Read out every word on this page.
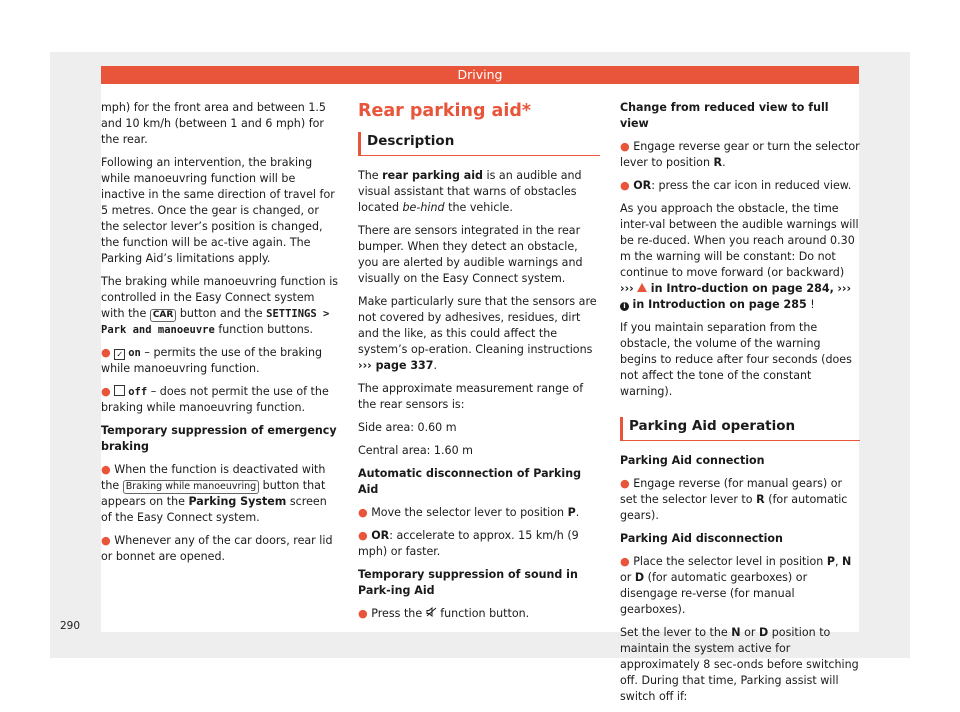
Driving
290

mph) for the front area and between 1.5 and 10 km/h (between 1 and 6 mph) for the rear.

Following an intervention, the braking while manoeuvring function will be inactive in the same direction of travel for 5 metres. Once the gear is changed, or the selector lever’s position is changed, the function will be ac-tive again. The Parking Aid’s limitations apply.

The braking while manoeuvring function is controlled in the Easy Connect system with the CAR button and the SETTINGS > Park and manoeuvre function buttons.

● ✓ on – permits the use of the braking while manoeuvring function.

● off – does not permit the use of the braking while manoeuvring function.

Temporary suppression of emergency braking

● When the function is deactivated with the Braking while manoeuvring button that appears on the Parking System screen of the Easy Connect system.

● Whenever any of the car doors, rear lid or bonnet are opened.

Rear parking aid*
Description

The rear parking aid is an audible and visual assistant that warns of obstacles located be-hind the vehicle.

There are sensors integrated in the rear bumper. When they detect an obstacle, you are alerted by audible warnings and visually on the Easy Connect system.

Make particularly sure that the sensors are not covered by adhesives, residues, dirt and the like, as this could affect the system’s op-eration. Cleaning instructions ››› page 337.

The approximate measurement range of the rear sensors is:

Side area: 0.60 m

Central area: 1.60 m

Automatic disconnection of Parking Aid

● Move the selector lever to position P.

● OR: accelerate to approx. 15 km/h (9 mph) or faster.

Temporary suppression of sound in Park-ing Aid

● Press the function button.

Change from reduced view to full view

● Engage reverse gear or turn the selector lever to position R.

● OR: press the car icon in reduced view.

As you approach the obstacle, the time inter-val between the audible warnings will be re-duced. When you reach around 0.30 m the warning will be constant: Do not continue to move forward (or backward) ››› in Intro-duction on page 284, ››› i in Introduction on page 285 !

If you maintain separation from the obstacle, the volume of the warning begins to reduce after four seconds (does not affect the tone of the constant warning).

Parking Aid operation

Parking Aid connection

● Engage reverse (for manual gears) or set the selector lever to R (for automatic gears).

Parking Aid disconnection

● Place the selector level in position P, N or D (for automatic gearboxes) or disengage re-verse (for manual gearboxes).

Set the lever to the N or D position to maintain the system active for approximately 8 sec-onds before switching off. During that time, Parking assist will switch off if:
